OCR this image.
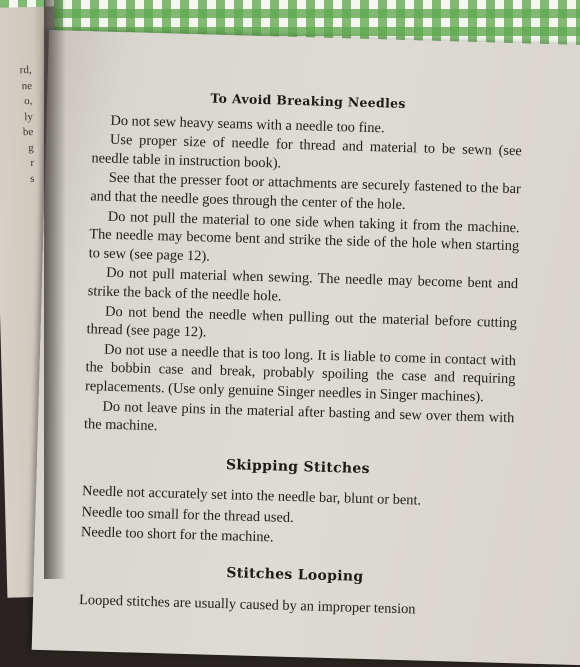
rd,
ne
o,
ly
be
g
r
s
To Avoid Breaking Needles

Do not sew heavy seams with a needle too fine.

Use proper size of needle for thread and material to be sewn (see needle table in instruction book).

See that the presser foot or attachments are securely fastened to the bar and that the needle goes through the center of the hole.

Do not pull the material to one side when taking it from the machine. The needle may become bent and strike the side of the hole when starting to sew (see page 12).

Do not pull material when sewing. The needle may become bent and strike the back of the needle hole.

Do not bend the needle when pulling out the material before cutting thread (see page 12).

Do not use a needle that is too long. It is liable to come in contact with the bobbin case and break, probably spoiling the case and requiring replacements. (Use only genuine Singer needles in Singer machines).

Do not leave pins in the material after basting and sew over them with the machine.

Skipping Stitches

Needle not accurately set into the needle bar, blunt or bent.

Needle too small for the thread used.

Needle too short for the machine.

Stitches Looping

Looped stitches are usually caused by an improper tension
